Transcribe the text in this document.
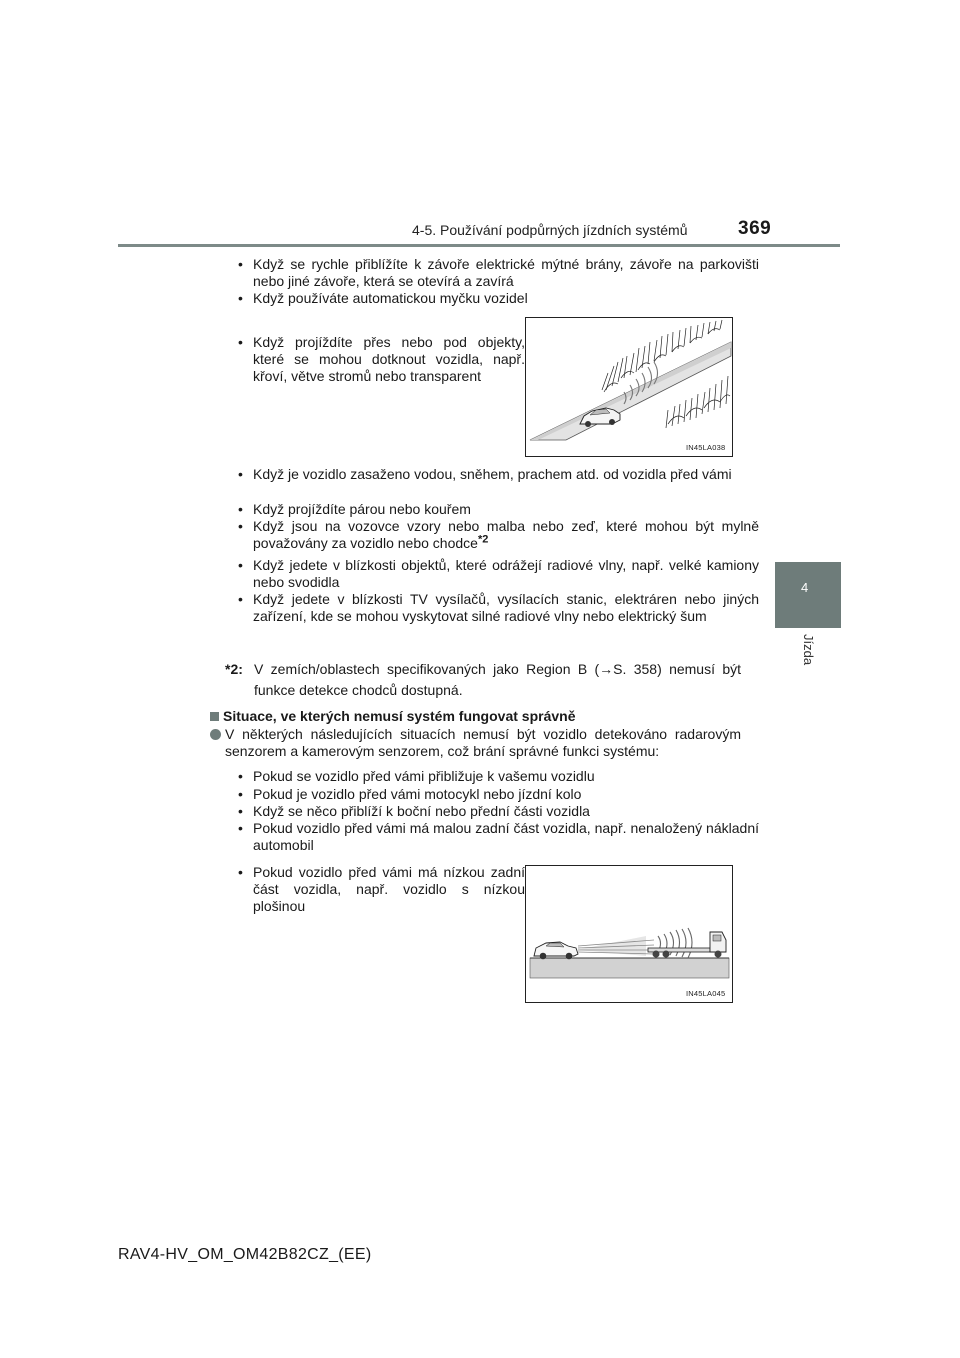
4-5. Používání podpůrných jízdních systémů	369
4
Jízda
• Když se rychle přiblížíte k závoře elektrické mýtné brány, závoře na parkovišti nebo jiné závoře, která se otevírá a zavírá
• Když používáte automatickou myčku vozidel
• Když projíždíte přes nebo pod objekty, které se mohou dotknout vozidla, např. křoví, větve stromů nebo transparent
IN45LA038
• Když je vozidlo zasaženo vodou, sněhem, prachem atd. od vozidla před vámi
• Když projíždíte párou nebo kouřem
• Když jsou na vozovce vzory nebo malba nebo zeď, které mohou být mylně považovány za vozidlo nebo chodce$^{*2}$
• Když jedete v blízkosti objektů, které odrážejí radiové vlny, např. velké kamiony nebo svodidla
• Když jedete v blízkosti TV vysílačů, vysílacích stanic, elektráren nebo jiných zařízení, kde se mohou vyskytovat silné radiové vlny nebo elektrický šum
*2: V zemích/oblastech specifikovaných jako Region B (→S. 358) nemusí být funkce detekce chodců dostupná.
Situace, ve kterých nemusí systém fungovat správně
V některých následujících situacích nemusí být vozidlo detekováno radarovým senzorem a kamerovým senzorem, což brání správné funkci systému:
• Pokud se vozidlo před vámi přibližuje k vašemu vozidlu
• Pokud je vozidlo před vámi motocykl nebo jízdní kolo
• Když se něco přiblíží k boční nebo přední části vozidla
• Pokud vozidlo před vámi má malou zadní část vozidla, např. nenaložený nákladní automobil
• Pokud vozidlo před vámi má nízkou zadní část vozidla, např. vozidlo s nízkou plošinou
IN45LA045
RAV4-HV_OM_OM42B82CZ_(EE)
